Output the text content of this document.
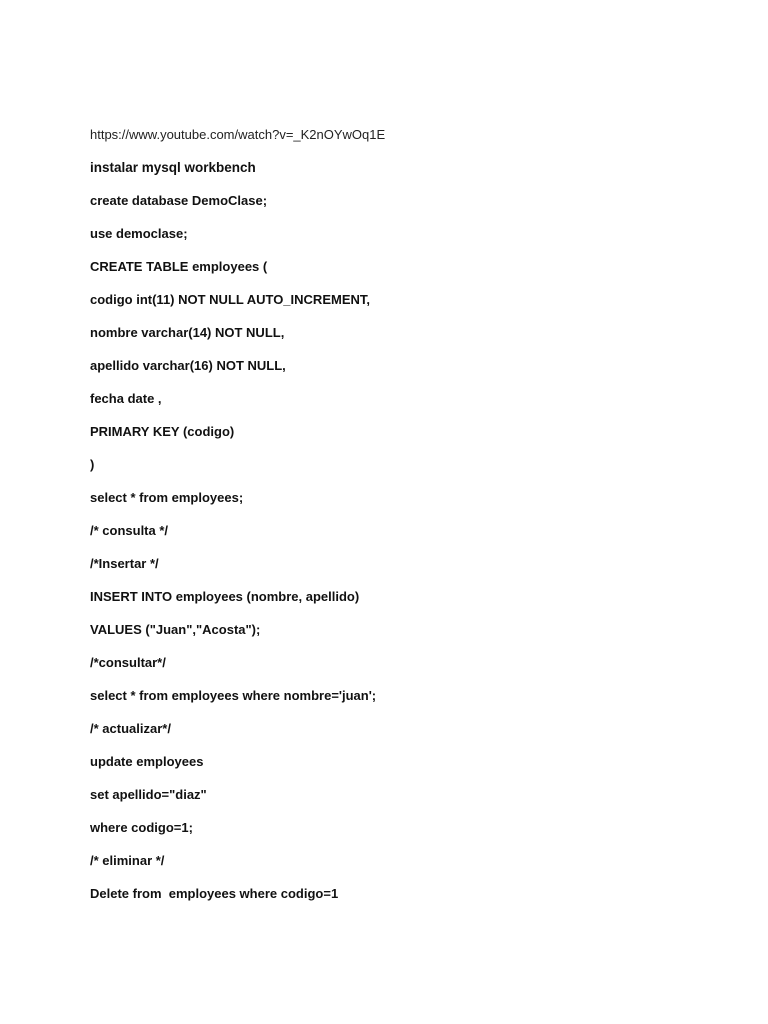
https://www.youtube.com/watch?v=_K2nOYwOq1E
instalar mysql workbench
create database DemoClase;
use democlase;
CREATE TABLE employees (
codigo int(11) NOT NULL AUTO_INCREMENT,
nombre varchar(14) NOT NULL,
apellido varchar(16) NOT NULL,
fecha date ,
PRIMARY KEY (codigo)
)
select * from employees;
/* consulta */
/*Insertar */
INSERT INTO employees (nombre, apellido)
VALUES ("Juan","Acosta");
/*consultar*/
select * from employees where nombre='juan';
/* actualizar*/
update employees
set apellido="diaz"
where codigo=1;
/* eliminar */
Delete from  employees where codigo=1
